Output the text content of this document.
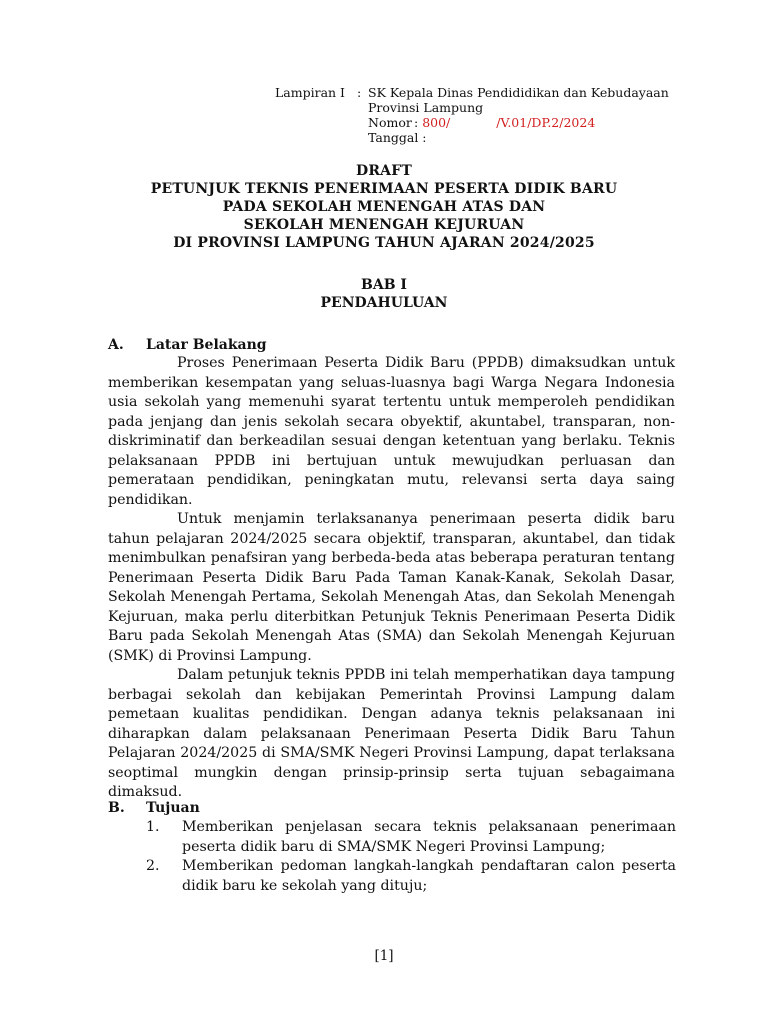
Lampiran I : SK Kepala Dinas Pendididikan dan Kebudayaan
Provinsi Lampung
Nomor : 800/	/V.01/DP.2/2024
Tanggal :
DRAFT
PETUNJUK TEKNIS PENERIMAAN PESERTA DIDIK BARU
PADA SEKOLAH MENENGAH ATAS DAN
SEKOLAH MENENGAH KEJURUAN
DI PROVINSI LAMPUNG TAHUN AJARAN 2024/2025
BAB I
PENDAHULUAN
A.	Latar Belakang

Proses Penerimaan Peserta Didik Baru (PPDB) dimaksudkan untuk memberikan kesempatan yang seluas-luasnya bagi Warga Negara Indonesia usia sekolah yang memenuhi syarat tertentu untuk memperoleh pendidikan pada jenjang dan jenis sekolah secara obyektif, akuntabel, transparan, non-diskriminatif dan berkeadilan sesuai dengan ketentuan yang berlaku. Teknis pelaksanaan PPDB ini bertujuan untuk mewujudkan perluasan dan pemerataan pendidikan, peningkatan mutu, relevansi serta daya saing pendidikan.

Untuk menjamin terlaksananya penerimaan peserta didik baru tahun pelajaran 2024/2025 secara objektif, transparan, akuntabel, dan tidak menimbulkan penafsiran yang berbeda-beda atas beberapa peraturan tentang Penerimaan Peserta Didik Baru Pada Taman Kanak-Kanak, Sekolah Dasar, Sekolah Menengah Pertama, Sekolah Menengah Atas, dan Sekolah Menengah Kejuruan, maka perlu diterbitkan Petunjuk Teknis Penerimaan Peserta Didik Baru pada Sekolah Menengah Atas (SMA) dan Sekolah Menengah Kejuruan (SMK) di Provinsi Lampung.

Dalam petunjuk teknis PPDB ini telah memperhatikan daya tampung berbagai sekolah dan kebijakan Pemerintah Provinsi Lampung dalam pemetaan kualitas pendidikan. Dengan adanya teknis pelaksanaan ini diharapkan dalam pelaksanaan Penerimaan Peserta Didik Baru Tahun Pelajaran 2024/2025 di SMA/SMK Negeri Provinsi Lampung, dapat terlaksana seoptimal mungkin dengan prinsip-prinsip serta tujuan sebagaimana dimaksud.

B.	Tujuan
1.	Memberikan penjelasan secara teknis pelaksanaan penerimaan peserta didik baru di SMA/SMK Negeri Provinsi Lampung;
2.	Memberikan pedoman langkah-langkah pendaftaran calon peserta didik baru ke sekolah yang dituju;
[1]
